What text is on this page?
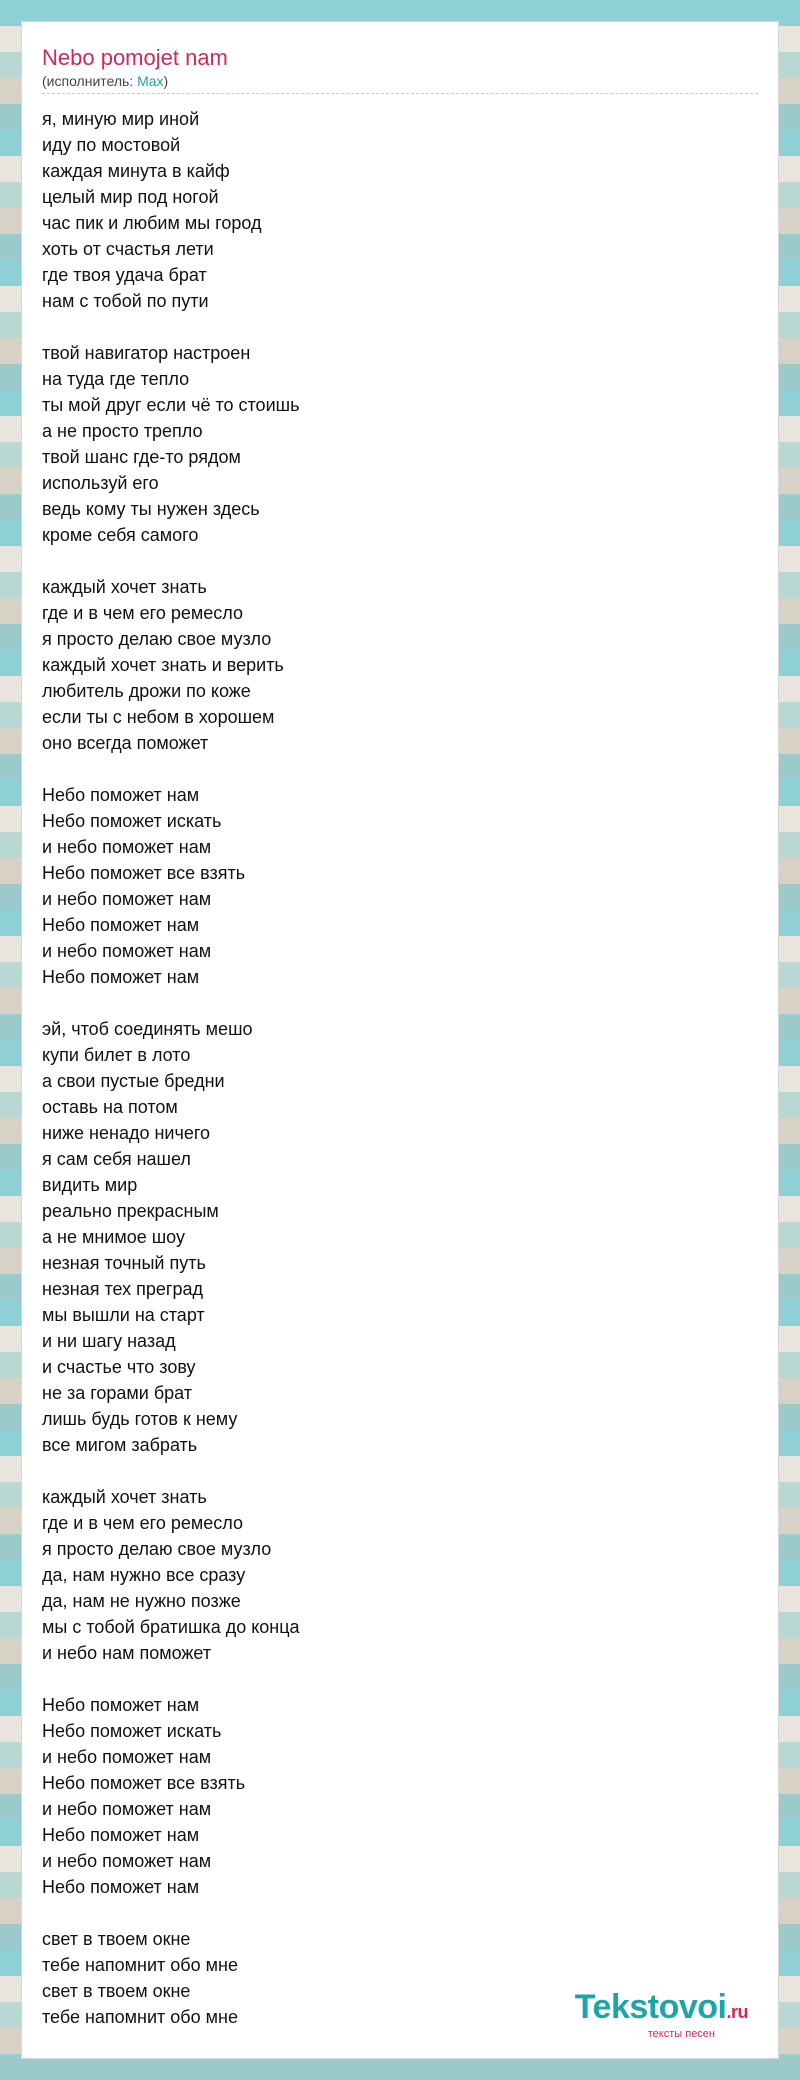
Nebo pomojet nam
(исполнитель: Max)
я, миную мир иной
иду по мостовой
каждая минута в кайф
целый мир под ногой
час пик и любим мы город
хоть от счастья лети
где твоя удача брат
нам с тобой по пути
твой навигатор настроен
на туда где тепло
ты мой друг если чё то стоишь
а не просто трепло
твой шанс где-то рядом
используй его
ведь кому ты нужен здесь
кроме себя самого
каждый хочет знать
где и в чем его ремесло
я просто делаю свое музло
каждый хочет знать и верить
любитель дрожи по коже
если ты с небом в хорошем
оно всегда поможет
Небо поможет нам
Небо поможет искать
и небо поможет нам
Небо поможет все взять
и небо поможет нам
Небо поможет нам
и небо поможет нам
Небо поможет нам
эй, чтоб соединять мешо
купи билет в лото
а свои пустые бредни
оставь на потом
ниже ненадо ничего
я сам себя нашел
видить мир
реально прекрасным
а не мнимое шоу
незная точный путь
незная тех преград
мы вышли на старт
и ни шагу назад
и счастье что зову
не за горами брат
лишь будь готов к нему
все мигом забрать
каждый хочет знать
где и в чем его ремесло
я просто делаю свое музло
да, нам нужно все сразу
да, нам не нужно позже
мы с тобой братишка до конца
и небо нам поможет
Небо поможет нам
Небо поможет искать
и небо поможет нам
Небо поможет все взять
и небо поможет нам
Небо поможет нам
и небо поможет нам
Небо поможет нам
свет в твоем окне
тебе напомнит обо мне
свет в твоем окне
тебе напомнит обо мне	Tekstovoi.ru
тексты песен
